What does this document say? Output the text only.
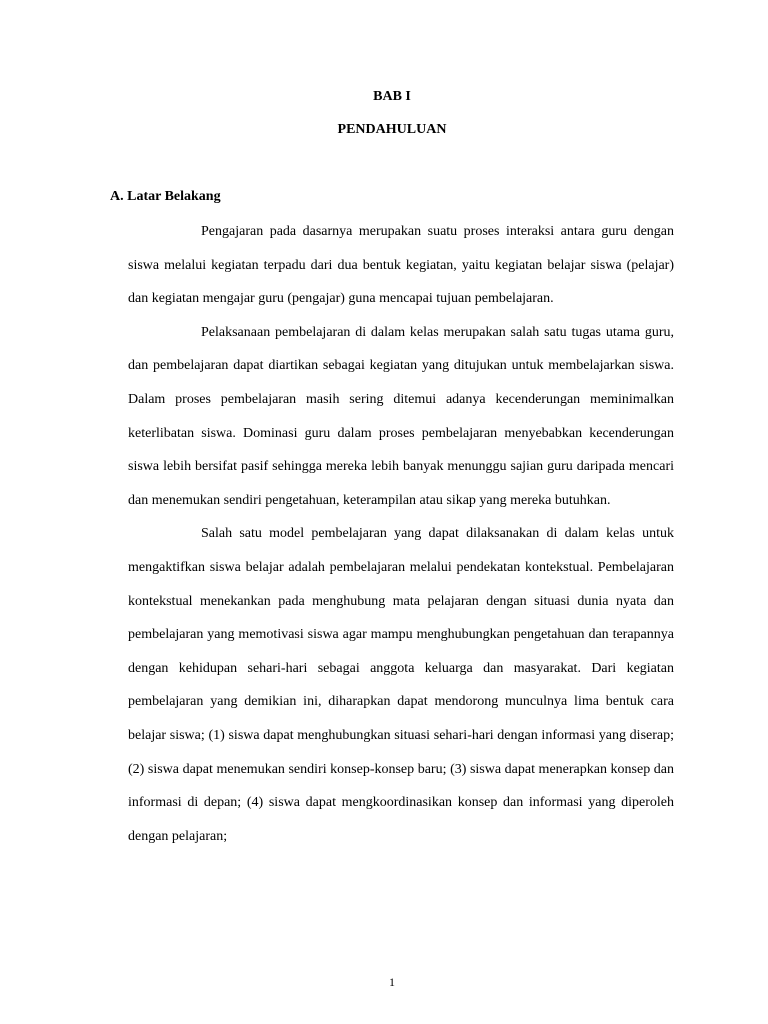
BAB I
PENDAHULUAN
A. Latar Belakang

Pengajaran pada dasarnya merupakan suatu proses interaksi antara guru dengan siswa melalui kegiatan terpadu dari dua bentuk kegiatan, yaitu kegiatan belajar siswa (pelajar) dan kegiatan mengajar guru (pengajar) guna mencapai tujuan pembelajaran.

Pelaksanaan pembelajaran di dalam kelas merupakan salah satu tugas utama guru, dan pembelajaran dapat diartikan sebagai kegiatan yang ditujukan untuk membelajarkan siswa. Dalam proses pembelajaran masih sering ditemui adanya kecenderungan meminimalkan keterlibatan siswa. Dominasi guru dalam proses pembelajaran menyebabkan kecenderungan siswa lebih bersifat pasif sehingga mereka lebih banyak menunggu sajian guru daripada mencari dan menemukan sendiri pengetahuan, keterampilan atau sikap yang mereka butuhkan.

Salah satu model pembelajaran yang dapat dilaksanakan di dalam kelas untuk mengaktifkan siswa belajar adalah pembelajaran melalui pendekatan kontekstual. Pembelajaran kontekstual menekankan pada menghubung mata pelajaran dengan situasi dunia nyata dan pembelajaran yang memotivasi siswa agar mampu menghubungkan pengetahuan dan terapannya dengan kehidupan sehari-hari sebagai anggota keluarga dan masyarakat. Dari kegiatan pembelajaran yang demikian ini, diharapkan dapat mendorong munculnya lima bentuk cara belajar siswa; (1) siswa dapat menghubungkan situasi sehari-hari dengan informasi yang diserap; (2) siswa dapat menemukan sendiri konsep-konsep baru; (3) siswa dapat menerapkan konsep dan informasi di depan; (4) siswa dapat mengkoordinasikan konsep dan informasi yang diperoleh dengan pelajaran;

1
